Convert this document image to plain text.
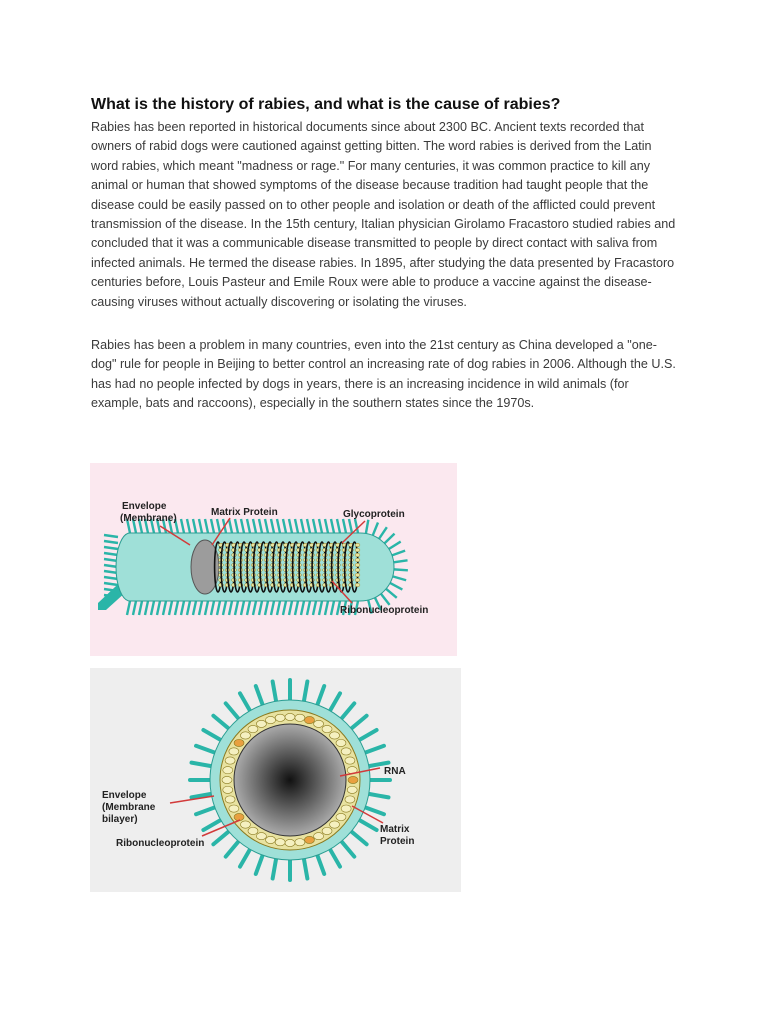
What is the history of rabies, and what is the cause of rabies?

Rabies has been reported in historical documents since about 2300 BC. Ancient texts recorded that owners of rabid dogs were cautioned against getting bitten. The word rabies is derived from the Latin word rabies, which meant "madness or rage." For many centuries, it was common practice to kill any animal or human that showed symptoms of the disease because tradition had taught people that the disease could be easily passed on to other people and isolation or death of the afflicted could prevent transmission of the disease. In the 15th century, Italian physician Girolamo Fracastoro studied rabies and concluded that it was a communicable disease transmitted to people by direct contact with saliva from infected animals. He termed the disease rabies. In 1895, after studying the data presented by Fracastoro centuries before, Louis Pasteur and Emile Roux were able to produce a vaccine against the disease-causing viruses without actually discovering or isolating the viruses.

Rabies has been a problem in many countries, even into the 21st century as China developed a "one-dog" rule for people in Beijing to better control an increasing rate of dog rabies in 2006. Although the U.S. has had no people infected by dogs in years, there is an increasing incidence in wild animals (for example, bats and raccoons), especially in the southern states since the 1970s.

Envelope
(Membrane)
Matrix Protein	Glycoprotein
Ribonucleoprotein
RNA
Envelope
(Membrane
bilayer)
Ribonucleoprotein
Matrix
Protein
